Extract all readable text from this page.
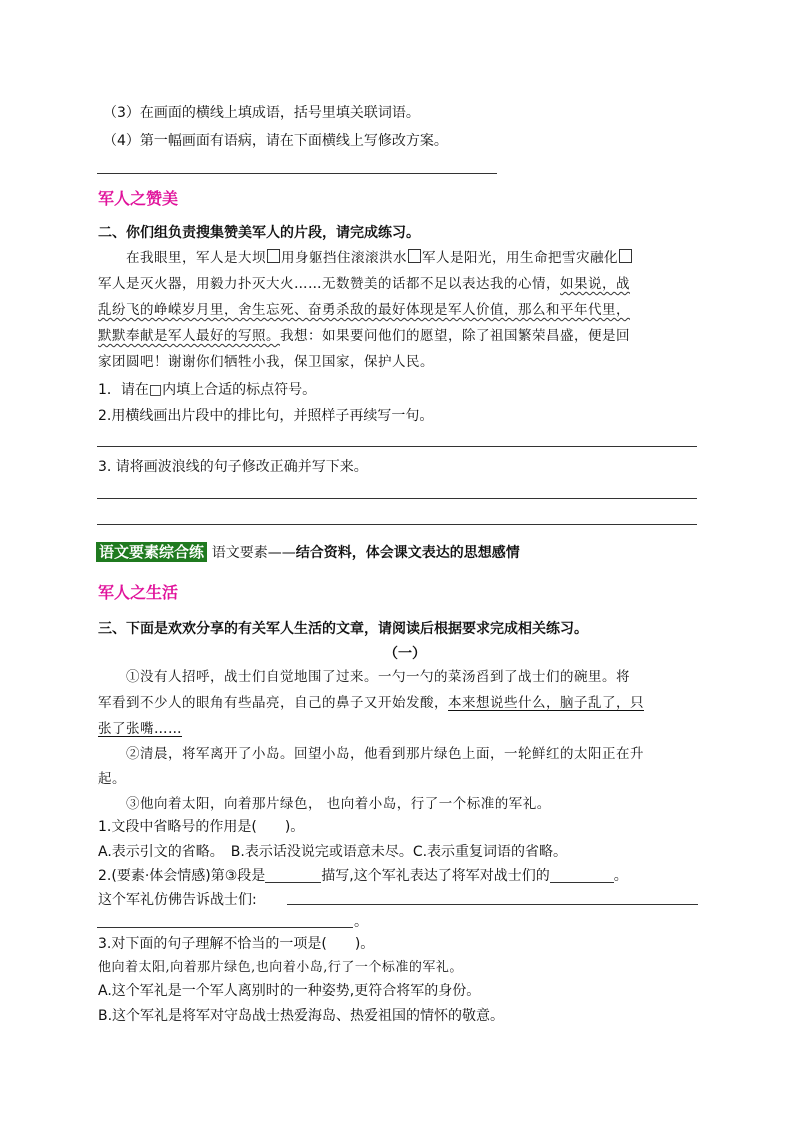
（3）在画面的横线上填成语，括号里填关联词语。
（4）第一幅画面有语病，请在下面横线上写修改方案。
军人之赞美
二、你们组负责搜集赞美军人的片段，请完成练习。
在我眼里，军人是大坝 用身躯挡住滚滚洪水 军人是阳光，用生命把雪灾融化
军人是灭火器，用毅力扑灭大火……无数赞美的话都不足以表达我的心情，如果说，战
乱纷飞的峥嵘岁月里，舍生忘死、奋勇杀敌的最好体现是军人价值，那么和平年代里，
默默奉献是军人最好的写照。我想：如果要问他们的愿望，除了祖国繁荣昌盛，便是回
家团圆吧！谢谢你们牺牲小我，保卫国家，保护人民。
1．请在□内填上合适的标点符号。
2.用横线画出片段中的排比句，并照样子再续写一句。
3. 请将画波浪线的句子修改正确并写下来。
语文要素综合练 语文要素——结合资料，体会课文表达的思想感情
军人之生活
三、下面是欢欢分享的有关军人生活的文章，请阅读后根据要求完成相关练习。
（一）
①没有人招呼，战士们自觉地围了过来。一勺一勺的菜汤舀到了战士们的碗里。将
军看到不少人的眼角有些晶亮，自己的鼻子又开始发酸，本来想说些什么，脑子乱了，只
张了张嘴……
②清晨，将军离开了小岛。回望小岛，他看到那片绿色上面，一轮鲜红的太阳正在升
起。
③他向着太阳，向着那片绿色， 也向着小岛，行了一个标准的军礼。
1.文段中省略号的作用是(　　)。
A.表示引文的省略。　B.表示话没说完或语意未尽。C.表示重复词语的省略。
2.(要素·体会情感)第③段是	描写,这个军礼表达了将军对战士们的	。
这个军礼仿佛告诉战士们:
。
3.对下面的句子理解不恰当的一项是(　　)。
他向着太阳,向着那片绿色,也向着小岛,行了一个标准的军礼。
A.这个军礼是一个军人离别时的一种姿势,更符合将军的身份。
B.这个军礼是将军对守岛战士热爱海岛、热爱祖国的情怀的敬意。
